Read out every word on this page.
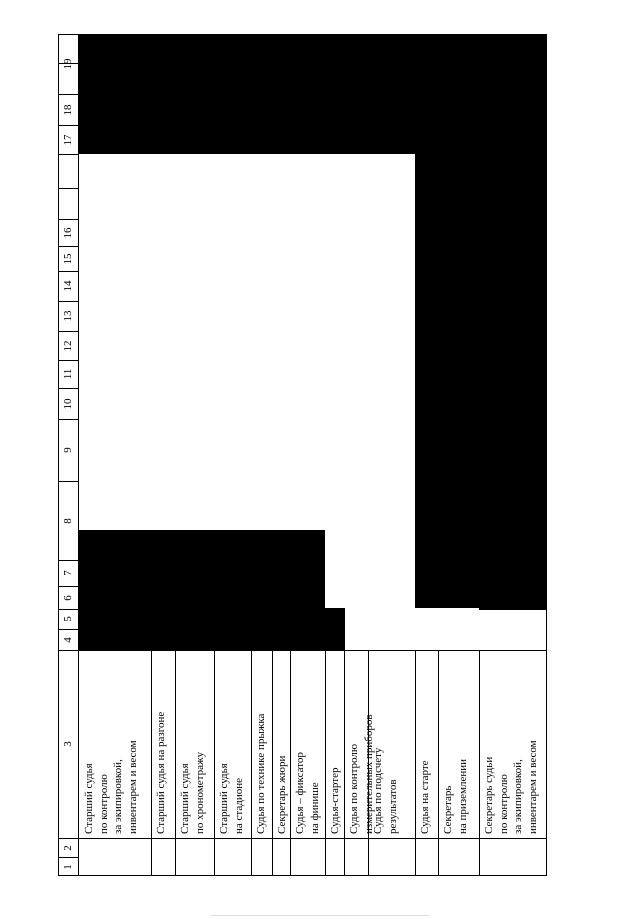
1
2
3
4
5
6
7
8
9
10
11
12
13
14
15
16
17
18
19
Старший судья по контролю за экипировкой, инвентарем и весом Старший судья на разгоне Старший судья по хронометражу Старший судья на стадионе Судья по технике прыжка Секретарь жюри Судья – фиксатор на финише Судья-стартер Судья по контролю измерительных приборов
Судья по подсчету результатов Судья на старте Секретарь на приземлении Секретарь судьи по контролю за экипировкой, инвентарем и весом
